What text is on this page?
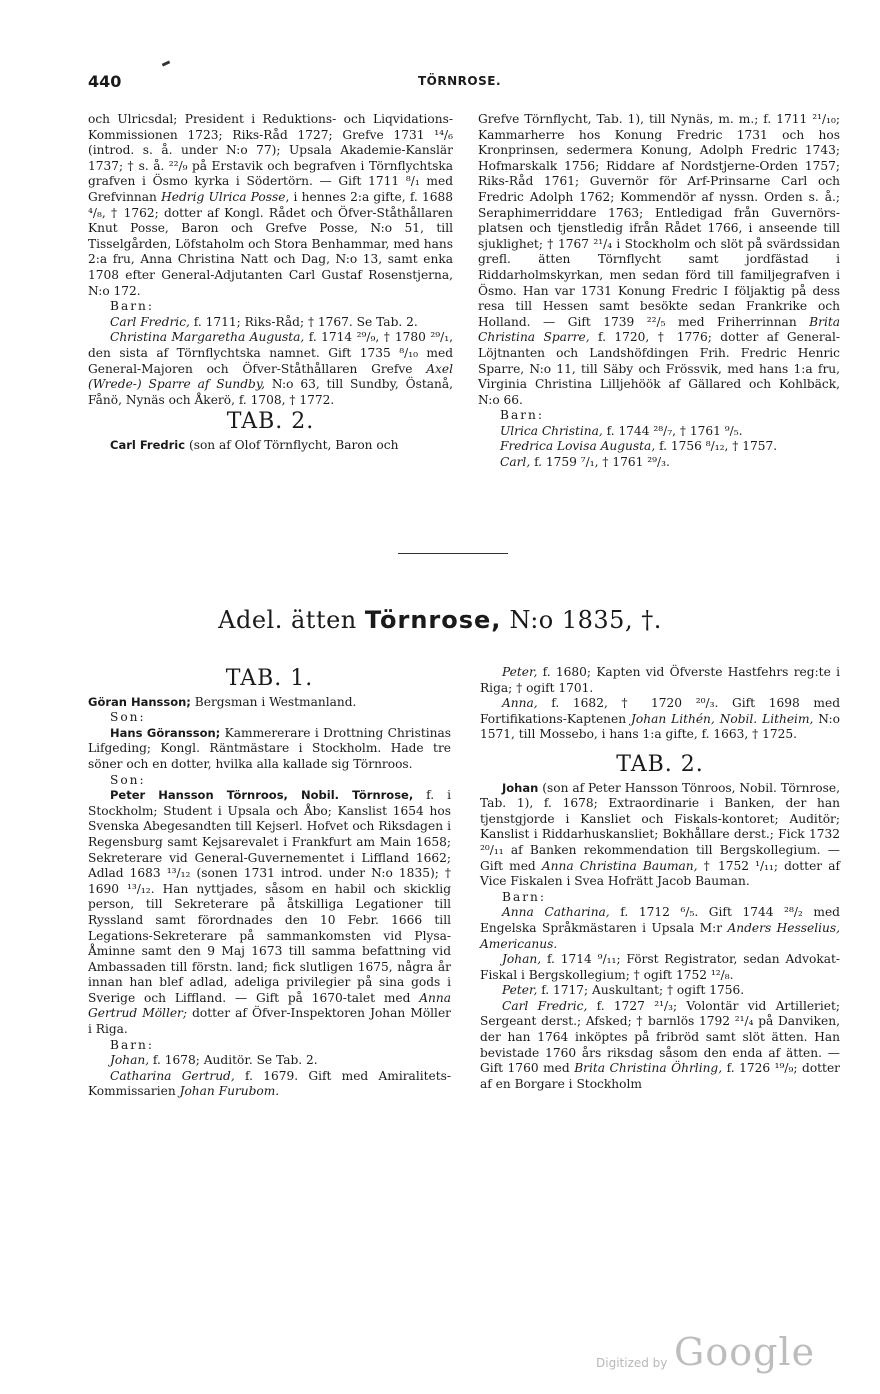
440	TÖRNROSE.

och Ulricsdal; President i Reduktions- och Liqvidations-Kommissionen 1723; Riks-Råd 1727; Grefve 1731 ¹⁴/₆ (introd. s. å. under N:o 77); Upsala Akademie-Kanslär 1737; † s. å. ²²/₉ på Erstavik och begrafven i Törnflychtska grafven i Ösmo kyrka i Södertörn. — Gift 1711 ⁸/₁ med Grefvinnan Hedrig Ulrica Posse, i hennes 2:a gifte, f. 1688 ⁴/₈, † 1762; dotter af Kongl. Rådet och Öfver-Ståthållaren Knut Posse, Baron och Grefve Posse, N:o 51, till Tisselgården, Löfstaholm och Stora Benhammar, med hans 2:a fru, Anna Christina Natt och Dag, N:o 13, samt enka 1708 efter General-Adjutanten Carl Gustaf Rosenstjerna, N:o 172.

Barn:

Carl Fredric, f. 1711; Riks-Råd; † 1767. Se Tab. 2.

Christina Margaretha Augusta, f. 1714 ²⁹/₉, † 1780 ²⁹/₁, den sista af Törnflychtska namnet. Gift 1735 ⁸/₁₀ med General-Majoren och Öfver-Ståthållaren Grefve Axel (Wrede-) Sparre af Sundby, N:o 63, till Sundby, Östanå, Fånö, Nynäs och Åkerö, f. 1708, † 1772.

TAB. 2.

Carl Fredric (son af Olof Törnflycht, Baron och

Grefve Törnflycht, Tab. 1), till Nynäs, m. m.; f. 1711 ²¹/₁₀; Kammarherre hos Konung Fredric 1731 och hos Kronprinsen, sedermera Konung, Adolph Fredric 1743; Hofmarskalk 1756; Riddare af Nordstjerne-Orden 1757; Riks-Råd 1761; Guvernör för Arf-Prinsarne Carl och Fredric Adolph 1762; Kommendör af nyssn. Orden s. å.; Seraphimerriddare 1763; Entledigad från Guvernörs-platsen och tjenstledig ifrån Rådet 1766, i anseende till sjuklighet; † 1767 ²¹/₄ i Stockholm och slöt på svärdssidan grefl. ätten Törnflycht samt jordfästad i Riddarholmskyrkan, men sedan förd till familjegrafven i Ösmo. Han var 1731 Konung Fredric I följaktig på dess resa till Hessen samt besökte sedan Frankrike och Holland. — Gift 1739 ²²/₅ med Friherrinnan Brita Christina Sparre, f. 1720, † 1776; dotter af General-Löjtnanten och Landshöfdingen Frih. Fredric Henric Sparre, N:o 11, till Säby och Frössvik, med hans 1:a fru, Virginia Christina Lilljehöök af Gällared och Kohlbäck, N:o 66.

Barn:

Ulrica Christina, f. 1744 ²⁸/₇, † 1761 ⁹/₅.

Fredrica Lovisa Augusta, f. 1756 ⁸/₁₂, † 1757.

Carl, f. 1759 ⁷/₁, † 1761 ²⁹/₃.

Adel. ätten Törnrose, N:o 1835, †.

TAB. 1.

Göran Hansson; Bergsman i Westmanland.

Son:

Hans Göransson; Kammererare i Drottning Christinas Lifgeding; Kongl. Räntmästare i Stockholm. Hade tre söner och en dotter, hvilka alla kallade sig Törnroos.

Son:

Peter Hansson Törnroos, Nobil. Törnrose, f. i Stockholm; Student i Upsala och Åbo; Kanslist 1654 hos Svenska Abegesandten till Kejserl. Hofvet och Riksdagen i Regensburg samt Kejsarevalet i Frankfurt am Main 1658; Sekreterare vid General-Guvernementet i Liffland 1662; Adlad 1683 ¹³/₁₂ (sonen 1731 introd. under N:o 1835); † 1690 ¹³/₁₂. Han nyttjades, såsom en habil och skicklig person, till Sekreterare på åtskilliga Legationer till Ryssland samt förordnades den 10 Febr. 1666 till Legations-Sekreterare på sammankomsten vid Plysa-Åminne samt den 9 Maj 1673 till samma befattning vid Ambassaden till förstn. land; fick slutligen 1675, några år innan han blef adlad, adeliga privilegier på sina gods i Sverige och Liffland. — Gift på 1670-talet med Anna Gertrud Möller; dotter af Öfver-Inspektoren Johan Möller i Riga.

Barn:

Johan, f. 1678; Auditör. Se Tab. 2.

Catharina Gertrud, f. 1679. Gift med Amiralitets-Kommissarien Johan Furubom.

Peter, f. 1680; Kapten vid Öfverste Hastfehrs reg:te i Riga; † ogift 1701.

Anna, f. 1682, † 1720 ²⁰/₃. Gift 1698 med Fortifikations-Kaptenen Johan Lithén, Nobil. Litheim, N:o 1571, till Mossebo, i hans 1:a gifte, f. 1663, † 1725.

TAB. 2.

Johan (son af Peter Hansson Tönroos, Nobil. Törnrose, Tab. 1), f. 1678; Extraordinarie i Banken, der han tjenstgjorde i Kansliet och Fiskals-kontoret; Auditör; Kanslist i Riddarhuskansliet; Bokhållare derst.; Fick 1732 ²⁰/₁₁ af Banken rekommendation till Bergskollegium. — Gift med Anna Christina Bauman, † 1752 ¹/₁₁; dotter af Vice Fiskalen i Svea Hofrätt Jacob Bauman.

Barn:

Anna Catharina, f. 1712 ⁶/₅. Gift 1744 ²⁸/₂ med Engelska Språkmästaren i Upsala M:r Anders Hesselius, Americanus.

Johan, f. 1714 ⁹/₁₁; Först Registrator, sedan Advokat-Fiskal i Bergskollegium; † ogift 1752 ¹²/₈.

Peter, f. 1717; Auskultant; † ogift 1756.

Carl Fredric, f. 1727 ²¹/₃; Volontär vid Artilleriet; Sergeant derst.; Afsked; † barnlös 1792 ²¹/₄ på Danviken, der han 1764 inköptes på fribröd samt slöt ätten. Han bevistade 1760 års riksdag såsom den enda af ätten. — Gift 1760 med Brita Christina Öhrling, f. 1726 ¹⁹/₉; dotter af en Borgare i Stockholm

Digitized by Google
